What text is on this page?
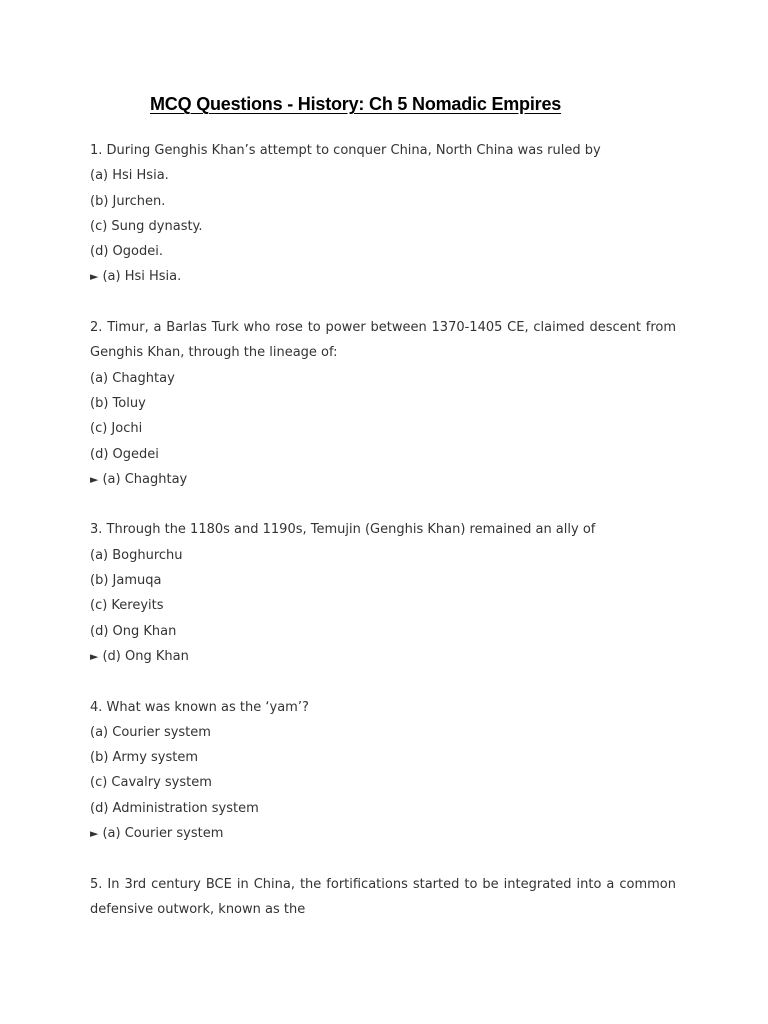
MCQ Questions - History: Ch 5 Nomadic Empires
1. During Genghis Khan’s attempt to conquer China, North China was ruled by
(a) Hsi Hsia.
(b) Jurchen.
(c) Sung dynasty.
(d) Ogodei.
► (a) Hsi Hsia.
2. Timur, a Barlas Turk who rose to power between 1370-1405 CE, claimed descent from Genghis Khan, through the lineage of:
(a) Chaghtay
(b) Toluy
(c) Jochi
(d) Ogedei
► (a) Chaghtay
3. Through the 1180s and 1190s, Temujin (Genghis Khan) remained an ally of
(a) Boghurchu
(b) Jamuqa
(c) Kereyits
(d) Ong Khan
► (d) Ong Khan
4. What was known as the ‘yam’?
(a) Courier system
(b) Army system
(c) Cavalry system
(d) Administration system
► (a) Courier system
5. In 3rd century BCE in China, the fortifications started to be integrated into a common defensive outwork, known as the
